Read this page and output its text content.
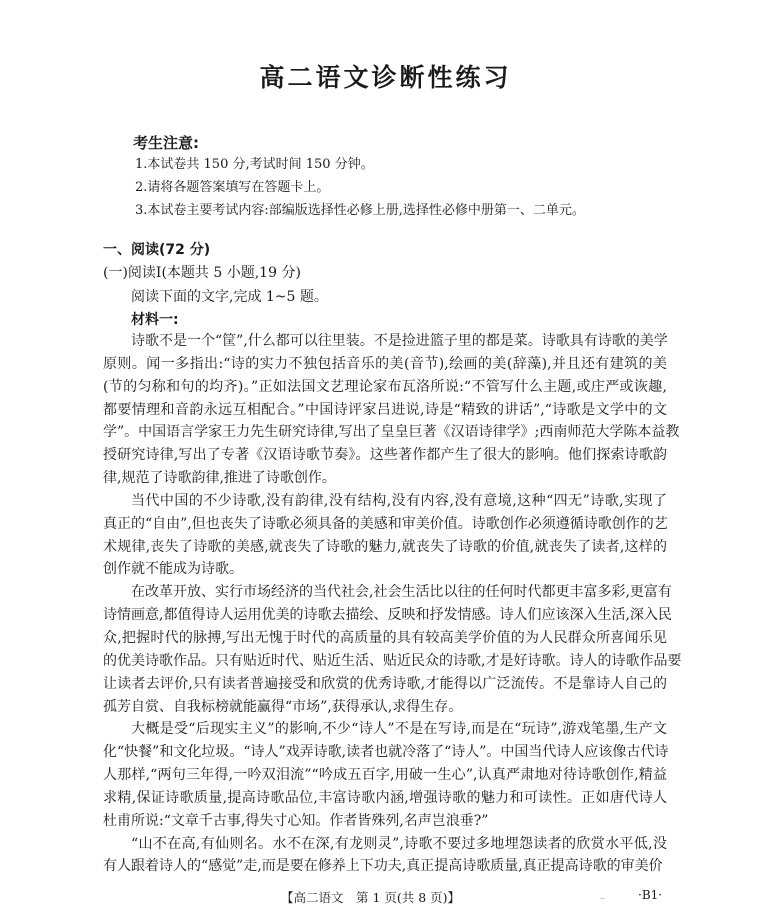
高二语文诊断性练习
考生注意:
1.本试卷共 150 分,考试时间 150 分钟。
2.请将各题答案填写在答题卡上。
3.本试卷主要考试内容:部编版选择性必修上册,选择性必修中册第一、二单元。
一、阅读(72 分)
(一)阅读Ⅰ(本题共 5 小题,19 分)
阅读下面的文字,完成 1~5 题。
材料一:
诗歌不是一个“筐”,什么都可以往里装。不是捡进篮子里的都是菜。诗歌具有诗歌的美学
原则。闻一多指出:“诗的实力不独包括音乐的美(音节),绘画的美(辞藻),并且还有建筑的美
(节的匀称和句的均齐)。”正如法国文艺理论家布瓦洛所说:“不管写什么主题,或庄严或诙趣,
都要情理和音韵永远互相配合。”中国诗评家吕进说,诗是“精致的讲话”,“诗歌是文学中的文
学”。中国语言学家王力先生研究诗律,写出了皇皇巨著《汉语诗律学》;西南师范大学陈本益教
授研究诗律,写出了专著《汉语诗歌节奏》。这些著作都产生了很大的影响。他们探索诗歌韵
律,规范了诗歌韵律,推进了诗歌创作。
当代中国的不少诗歌,没有韵律,没有结构,没有内容,没有意境,这种“四无”诗歌,实现了
真正的“自由”,但也丧失了诗歌必须具备的美感和审美价值。诗歌创作必须遵循诗歌创作的艺
术规律,丧失了诗歌的美感,就丧失了诗歌的魅力,就丧失了诗歌的价值,就丧失了读者,这样的
创作就不能成为诗歌。
在改革开放、实行市场经济的当代社会,社会生活比以往的任何时代都更丰富多彩,更富有
诗情画意,都值得诗人运用优美的诗歌去描绘、反映和抒发情感。诗人们应该深入生活,深入民
众,把握时代的脉搏,写出无愧于时代的高质量的具有较高美学价值的为人民群众所喜闻乐见
的优美诗歌作品。只有贴近时代、贴近生活、贴近民众的诗歌,才是好诗歌。诗人的诗歌作品要
让读者去评价,只有读者普遍接受和欣赏的优秀诗歌,才能得以广泛流传。不是靠诗人自己的
孤芳自赏、自我标榜就能赢得“市场”,获得承认,求得生存。
大概是受“后现实主义”的影响,不少“诗人”不是在写诗,而是在“玩诗”,游戏笔墨,生产文
化“快餐”和文化垃圾。“诗人”戏弄诗歌,读者也就冷落了“诗人”。中国当代诗人应该像古代诗
人那样,“两句三年得,一吟双泪流”“吟成五百字,用破一生心”,认真严肃地对待诗歌创作,精益
求精,保证诗歌质量,提高诗歌品位,丰富诗歌内涵,增强诗歌的魅力和可读性。正如唐代诗人
杜甫所说:“文章千古事,得失寸心知。作者皆殊列,名声岂浪垂?”
“山不在高,有仙则名。水不在深,有龙则灵”,诗歌不要过多地埋怨读者的欣赏水平低,没
有人跟着诗人的“感觉”走,而是要在修养上下功夫,真正提高诗歌质量,真正提高诗歌的审美价
【高二语文　第 1 页(共 8 页)】	..	·B1·
